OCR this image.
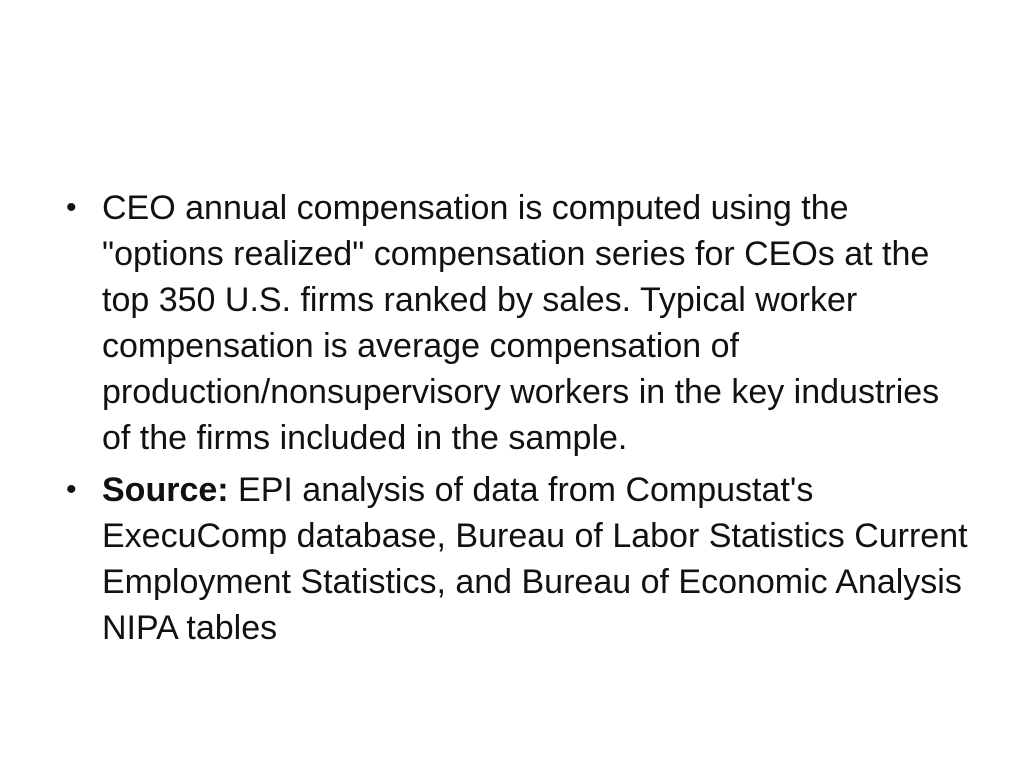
• CEO annual compensation is computed using the "options realized" compensation series for CEOs at the top 350 U.S. firms ranked by sales. Typical worker compensation is average compensation of production/nonsupervisory workers in the key industries of the firms included in the sample.
• Source: EPI analysis of data from Compustat's ExecuComp database, Bureau of Labor Statistics Current Employment Statistics, and Bureau of Economic Analysis NIPA tables
